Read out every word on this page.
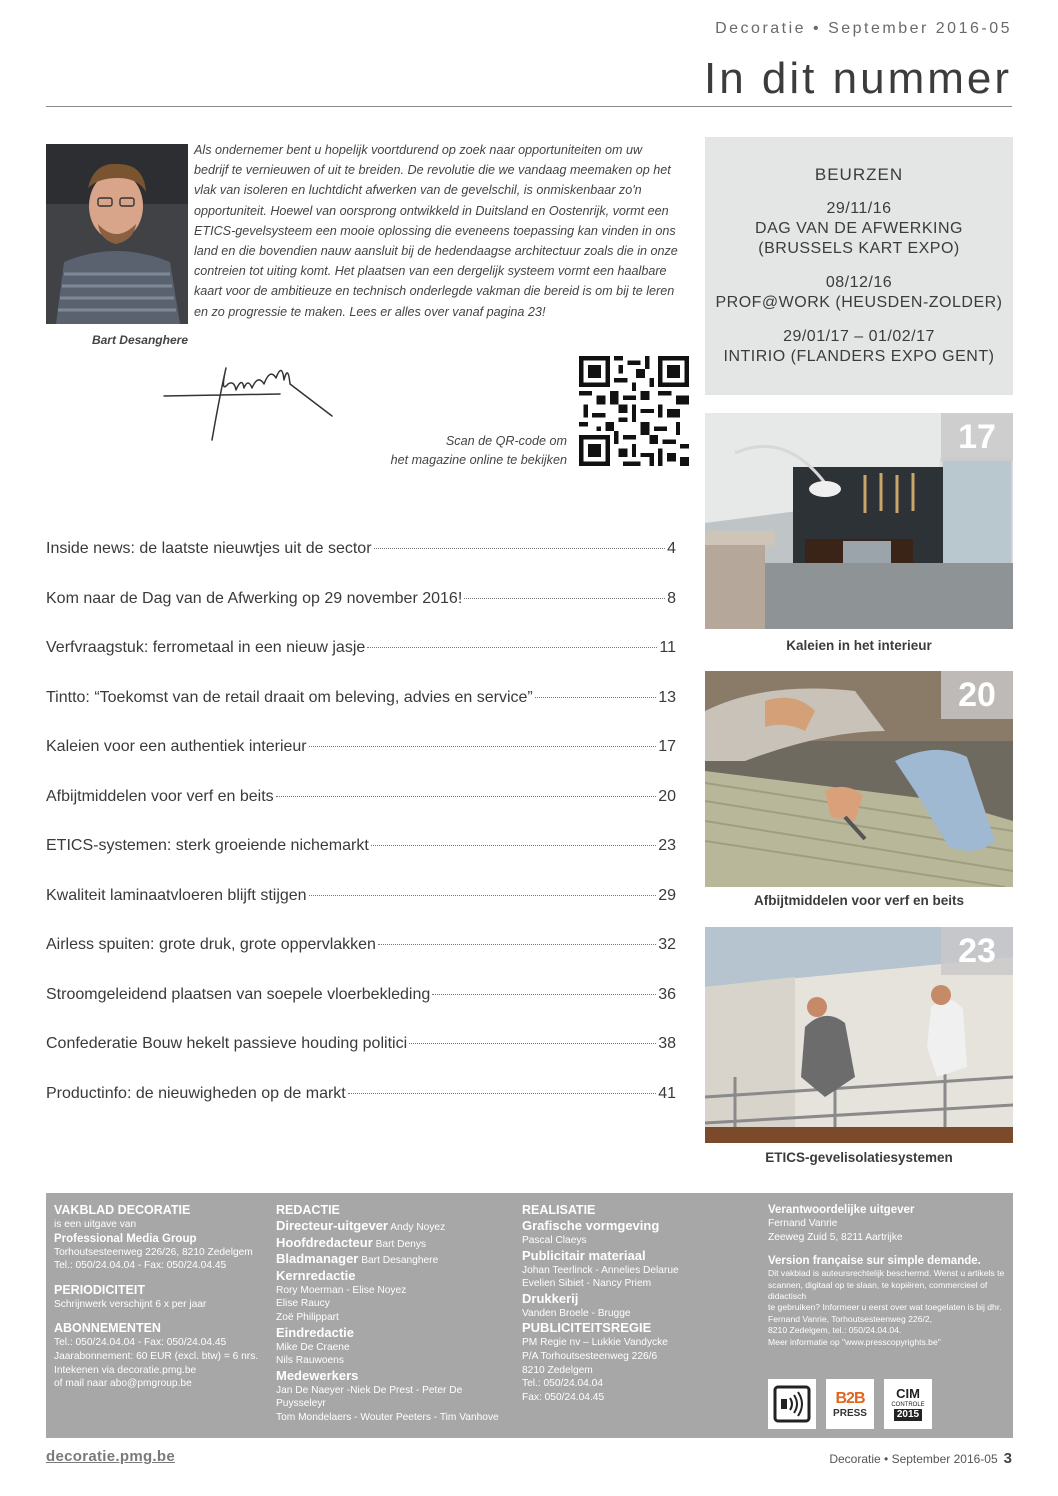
Decoratie • September 2016-05
In dit nummer
Bart Desanghere

Als ondernemer bent u hopelijk voortdurend op zoek naar opportuniteiten om uw bedrijf te vernieuwen of uit te breiden. De revolutie die we vandaag meemaken op het vlak van isoleren en luchtdicht afwerken van de gevelschil, is onmiskenbaar zo'n opportuniteit. Hoewel van oorsprong ontwikkeld in Duitsland en Oostenrijk, vormt een ETICS-gevelsysteem een mooie oplossing die eveneens toepassing kan vinden in ons land en die bovendien nauw aansluit bij de hedendaagse architectuur zoals die in onze contreien tot uiting komt. Het plaatsen van een dergelijk systeem vormt een haalbare kaart voor de ambitieuze en technisch onderlegde vakman die bereid is om bij te leren en zo progressie te maken. Lees er alles over vanaf pagina 23!

Scan de QR-code om
het magazine online te bekijken
BEURZEN
29/11/16
DAG VAN DE AFWERKING
(BRUSSELS KART EXPO)
08/12/16
PROF@WORK (HEUSDEN-ZOLDER)
29/01/17 – 01/02/17
INTIRIO (FLANDERS EXPO GENT)
17
Kaleien in het interieur
20
Afbijtmiddelen voor verf en beits
23
ETICS-gevelisolatiesystemen
Inside news: de laatste nieuwtjes uit de sector	4
Kom naar de Dag van de Afwerking op 29 november 2016!	8
Verfvraagstuk: ferrometaal in een nieuw jasje	11
Tintto: “Toekomst van de retail draait om beleving, advies en service”	13
Kaleien voor een authentiek interieur	17
Afbijtmiddelen voor verf en beits	20
ETICS-systemen: sterk groeiende nichemarkt	23
Kwaliteit laminaatvloeren blijft stijgen	29
Airless spuiten: grote druk, grote oppervlakken	32
Stroomgeleidend plaatsen van soepele vloerbekleding	36
Confederatie Bouw hekelt passieve houding politici	38
Productinfo: de nieuwigheden op de markt	41
VAKBLAD DECORATIE
is een uitgave van
Professional Media Group
Torhoutsesteenweg 226/26, 8210 Zedelgem
Tel.: 050/24.04.04 - Fax: 050/24.04.45
PERIODICITEIT
Schrijnwerk verschijnt 6 x per jaar
ABONNEMENTEN
Tel.: 050/24.04.04 - Fax: 050/24.04.45
Jaarabonnement: 60 EUR (excl. btw) = 6 nrs.
Intekenen via decoratie.pmg.be
of mail naar abo@pmgroup.be
REDACTIE
Directeur-uitgever Andy Noyez
Hoofdredacteur Bart Denys
Bladmanager Bart Desanghere
Kernredactie
Rory Moerman - Elise Noyez
Elise Raucy
Zoë Philippart
Eindredactie
Mike De Craene
Nils Rauwoens
Medewerkers
Jan De Naeyer -Niek De Prest - Peter De Puysseleyr
Tom Mondelaers - Wouter Peeters - Tim Vanhove
REALISATIE
Grafische vormgeving
Pascal Claeys
Publicitair materiaal
Johan Teerlinck - Annelies Delarue
Evelien Sibiet - Nancy Priem
Drukkerij
Vanden Broele - Brugge
PUBLICITEITSREGIE
PM Regie nv – Lukkie Vandycke
P/A Torhoutsesteenweg 226/6
8210 Zedelgem
Tel.: 050/24.04.04
Fax: 050/24.04.45
Verantwoordelijke uitgever
Fernand Vanrie
Zeeweg Zuid 5, 8211 Aartrijke
Version française sur simple demande.
Dit vakblad is auteursrechtelijk beschermd. Wenst u artikels te
scannen, digitaal op te slaan, te kopiëren, commercieel of didactisch
te gebruiken? Informeer u eerst over wat toegelaten is bij dhr.
Fernand Vanrie, Torhoutsesteenweg 226/2,
8210 Zedelgem, tel.: 050/24.04.04.
Meer informatie op "www.presscopyrights.be"
B2B
PRESS
CIM
CONTROLE
2015
decoratie.pmg.be	Decoratie • September 2016-05 3
